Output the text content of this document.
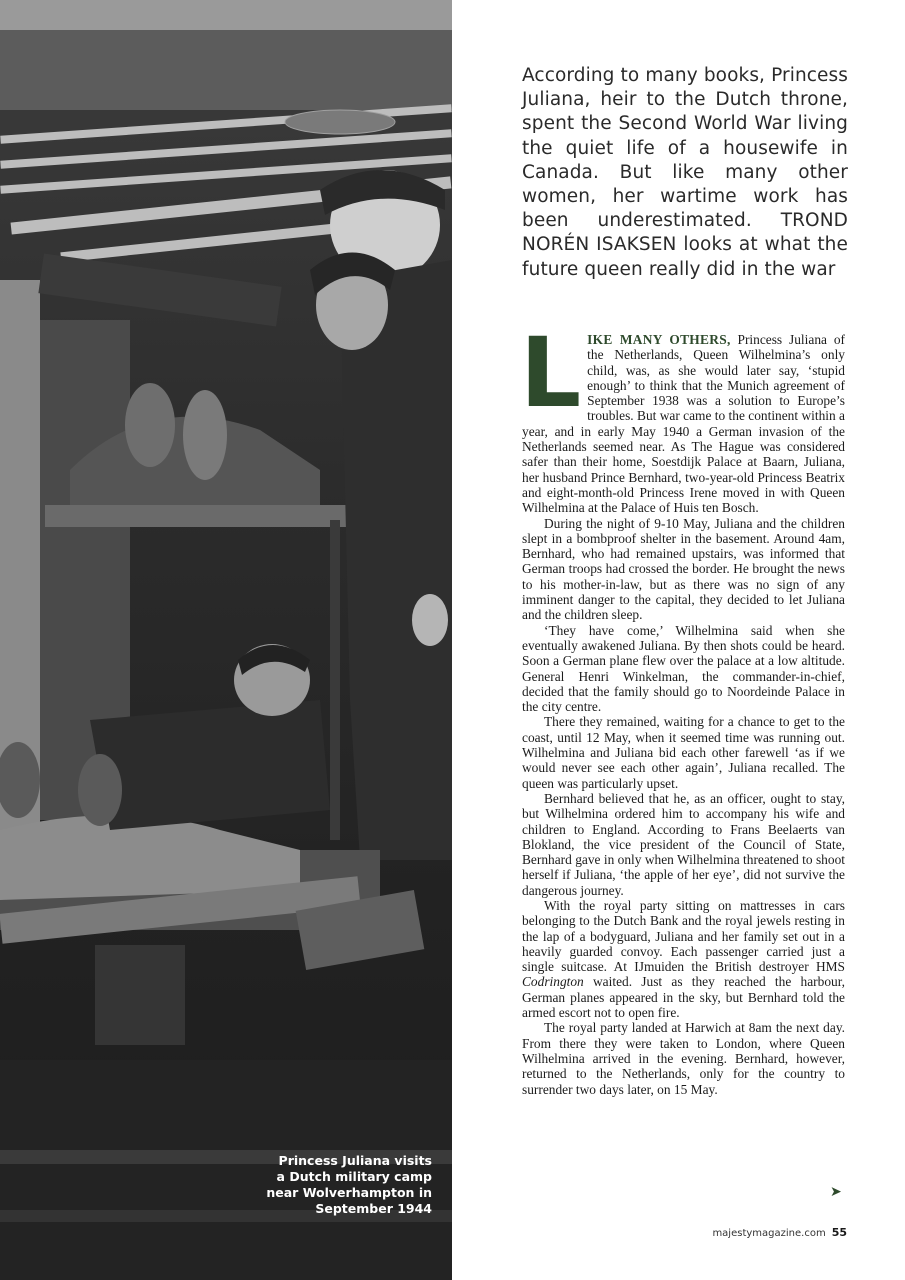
Princess Juliana visits
a Dutch military camp
near Wolverhampton in
September 1944
According to many books, Princess Juliana, heir to the Dutch throne, spent the Second World War living the quiet life of a housewife in Canada. But like many other women, her wartime work has been underestimated. TROND NORÉN ISAKSEN looks at what the future queen really did in the war

LIKE MANY OTHERS, Princess Juliana of the Netherlands, Queen Wilhelmina’s only child, was, as she would later say, ‘stupid enough’ to think that the Munich agreement of September 1938 was a solution to Europe’s troubles. But war came to the continent within a year, and in early May 1940 a German invasion of the Netherlands seemed near. As The Hague was considered safer than their home, Soestdijk Palace at Baarn, Juliana, her husband Prince Bernhard, two-year-old Princess Beatrix and eight-month-old Princess Irene moved in with Queen Wilhelmina at the Palace of Huis ten Bosch.

During the night of 9-10 May, Juliana and the children slept in a bombproof shelter in the basement. Around 4am, Bernhard, who had remained upstairs, was informed that German troops had crossed the border. He brought the news to his mother-in-law, but as there was no sign of any imminent danger to the capital, they decided to let Juliana and the children sleep.

‘They have come,’ Wilhelmina said when she eventually awakened Juliana. By then shots could be heard. Soon a German plane flew over the palace at a low altitude. General Henri Winkelman, the commander-in-chief, decided that the family should go to Noordeinde Palace in the city centre.

There they remained, waiting for a chance to get to the coast, until 12 May, when it seemed time was running out. Wilhelmina and Juliana bid each other farewell ‘as if we would never see each other again’, Juliana recalled. The queen was particularly upset.

Bernhard believed that he, as an officer, ought to stay, but Wilhelmina ordered him to accompany his wife and children to England. According to Frans Beelaerts van Blokland, the vice president of the Council of State, Bernhard gave in only when Wilhelmina threatened to shoot herself if Juliana, ‘the apple of her eye’, did not survive the dangerous journey.

With the royal party sitting on mattresses in cars belonging to the Dutch Bank and the royal jewels resting in the lap of a bodyguard, Juliana and her family set out in a heavily guarded convoy. Each passenger carried just a single suitcase. At IJmuiden the British destroyer HMS Codrington waited. Just as they reached the harbour, German planes appeared in the sky, but Bernhard told the armed escort not to open fire.

The royal party landed at Harwich at 8am the next day. From there they were taken to London, where Queen Wilhelmina arrived in the evening. Bernhard, however, returned to the Netherlands, only for the country to surrender two days later, on 15 May.

➤
majestymagazine.com 55
